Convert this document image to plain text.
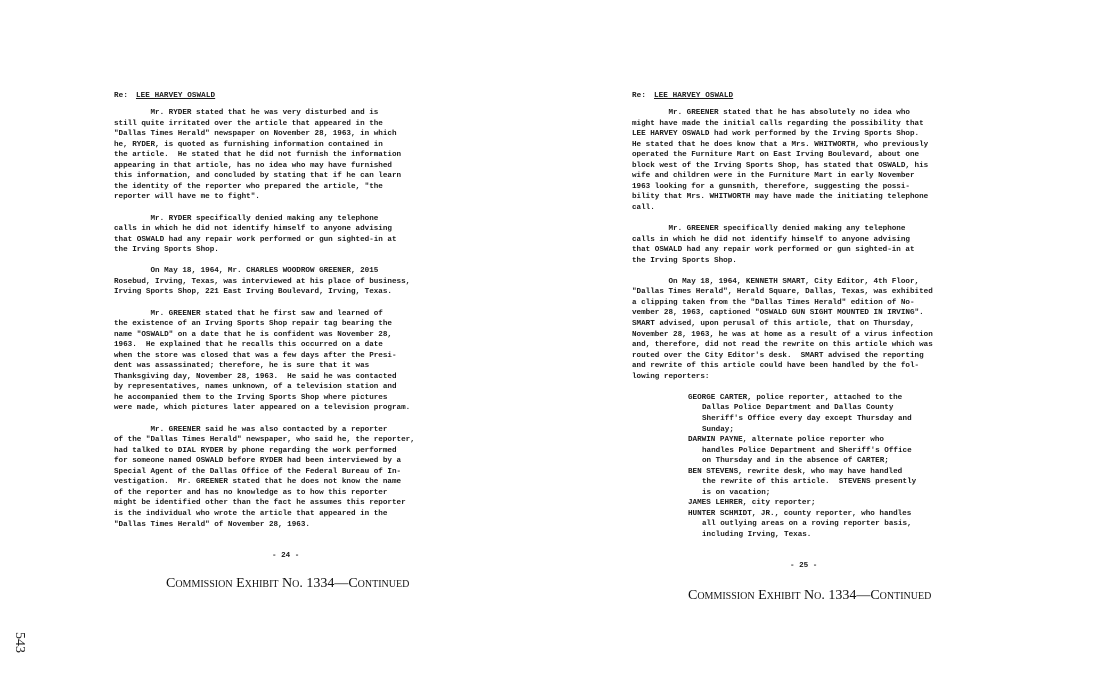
543
Re: LEE HARVEY OSWALD
Mr. RYDER stated that he was very disturbed and is
still quite irritated over the article that appeared in the
"Dallas Times Herald" newspaper on November 28, 1963, in which
he, RYDER, is quoted as furnishing information contained in
the article.  He stated that he did not furnish the information
appearing in that article, has no idea who may have furnished
this information, and concluded by stating that if he can learn
the identity of the reporter who prepared the article, "the
reporter will have me to fight".
Mr. RYDER specifically denied making any telephone
calls in which he did not identify himself to anyone advising
that OSWALD had any repair work performed or gun sighted-in at
the Irving Sports Shop.
On May 18, 1964, Mr. CHARLES WOODROW GREENER, 2015
Rosebud, Irving, Texas, was interviewed at his place of business,
Irving Sports Shop, 221 East Irving Boulevard, Irving, Texas.
Mr. GREENER stated that he first saw and learned of
the existence of an Irving Sports Shop repair tag bearing the
name "OSWALD" on a date that he is confident was November 28,
1963.  He explained that he recalls this occurred on a date
when the store was closed that was a few days after the Presi-
dent was assassinated; therefore, he is sure that it was
Thanksgiving day, November 28, 1963.  He said he was contacted
by representatives, names unknown, of a television station and
he accompanied them to the Irving Sports Shop where pictures
were made, which pictures later appeared on a television program.
Mr. GREENER said he was also contacted by a reporter
of the "Dallas Times Herald" newspaper, who said he, the reporter,
had talked to DIAL RYDER by phone regarding the work performed
for someone named OSWALD before RYDER had been interviewed by a
Special Agent of the Dallas Office of the Federal Bureau of In-
vestigation.  Mr. GREENER stated that he does not know the name
of the reporter and has no knowledge as to how this reporter
might be identified other than the fact he assumes this reporter
is the individual who wrote the article that appeared in the
"Dallas Times Herald" of November 28, 1963.
- 24 -
Commission Exhibit No. 1334—Continued
Re: LEE HARVEY OSWALD
Mr. GREENER stated that he has absolutely no idea who
might have made the initial calls regarding the possibility that
LEE HARVEY OSWALD had work performed by the Irving Sports Shop.
He stated that he does know that a Mrs. WHITWORTH, who previously
operated the Furniture Mart on East Irving Boulevard, about one
block west of the Irving Sports Shop, has stated that OSWALD, his
wife and children were in the Furniture Mart in early November
1963 looking for a gunsmith, therefore, suggesting the possi-
bility that Mrs. WHITWORTH may have made the initiating telephone
call.
Mr. GREENER specifically denied making any telephone
calls in which he did not identify himself to anyone advising
that OSWALD had any repair work performed or gun sighted-in at
the Irving Sports Shop.
On May 18, 1964, KENNETH SMART, City Editor, 4th Floor,
"Dallas Times Herald", Herald Square, Dallas, Texas, was exhibited
a clipping taken from the "Dallas Times Herald" edition of No-
vember 28, 1963, captioned "OSWALD GUN SIGHT MOUNTED IN IRVING".
SMART advised, upon perusal of this article, that on Thursday,
November 28, 1963, he was at home as a result of a virus infection
and, therefore, did not read the rewrite on this article which was
routed over the City Editor's desk.  SMART advised the reporting
and rewrite of this article could have been handled by the fol-
lowing reporters:
GEORGE CARTER, police reporter, attached to the
Dallas Police Department and Dallas County
Sheriff's Office every day except Thursday and
Sunday;
DARWIN PAYNE, alternate police reporter who
handles Police Department and Sheriff's Office
on Thursday and in the absence of CARTER;
BEN STEVENS, rewrite desk, who may have handled
the rewrite of this article.  STEVENS presently
is on vacation;
JAMES LEHRER, city reporter;
HUNTER SCHMIDT, JR., county reporter, who handles
all outlying areas on a roving reporter basis,
including Irving, Texas.
- 25 -
Commission Exhibit No. 1334—Continued
